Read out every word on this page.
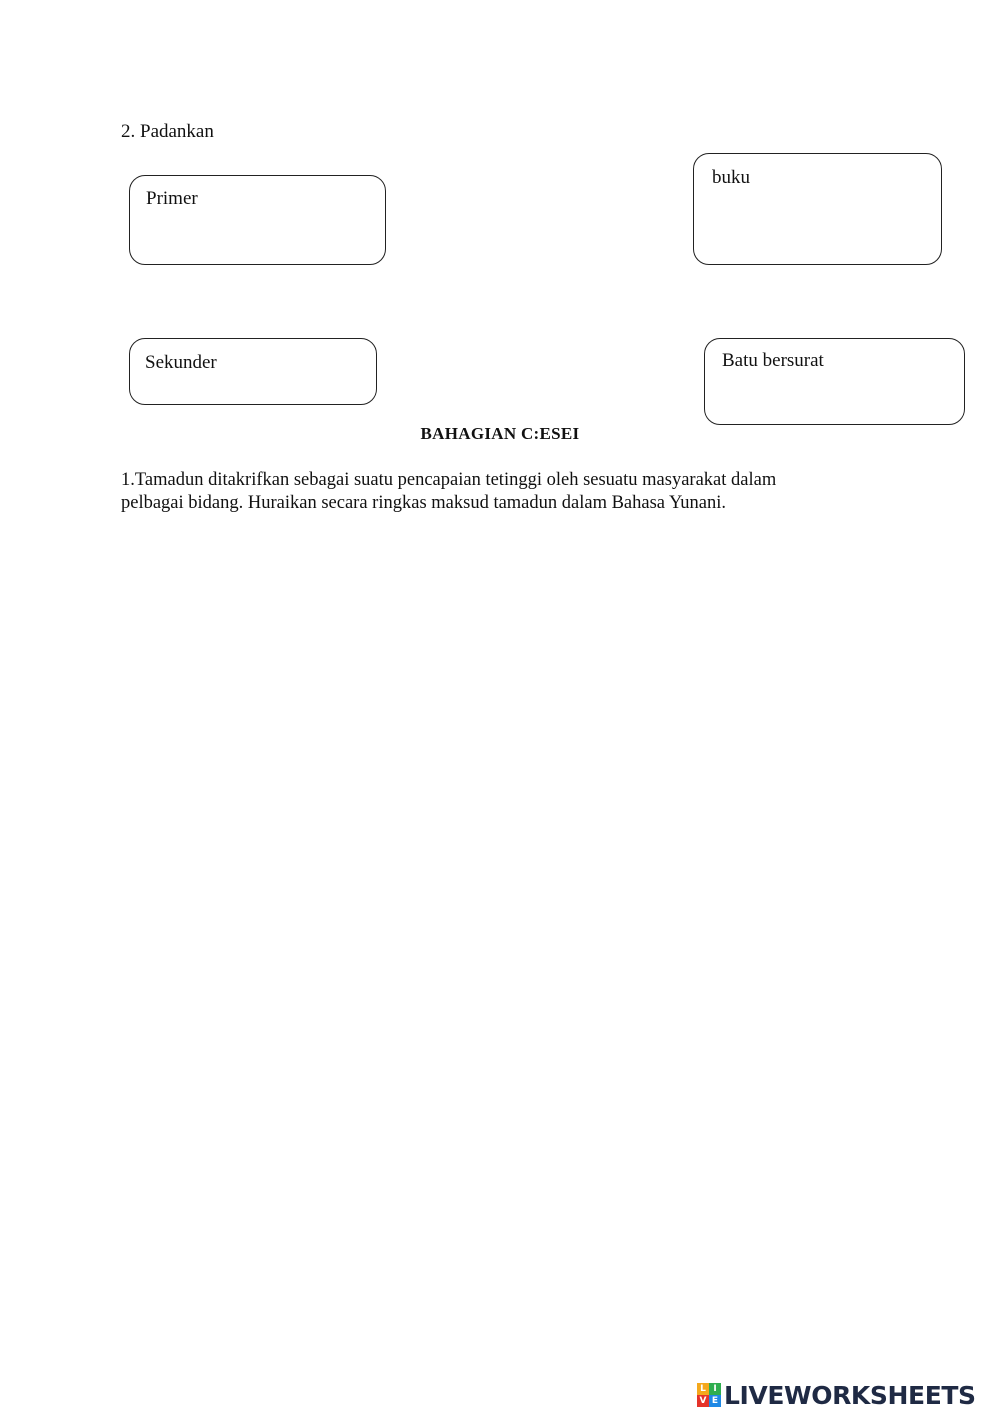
2. Padankan
Primer
Sekunder
buku
Batu bersurat
BAHAGIAN C:ESEI
1.Tamadun ditakrifkan sebagai suatu pencapaian tetinggi oleh sesuatu masyarakat dalam
pelbagai bidang. Huraikan secara ringkas maksud tamadun dalam Bahasa Yunani.
L I
V E LIVEWORKSHEETS
